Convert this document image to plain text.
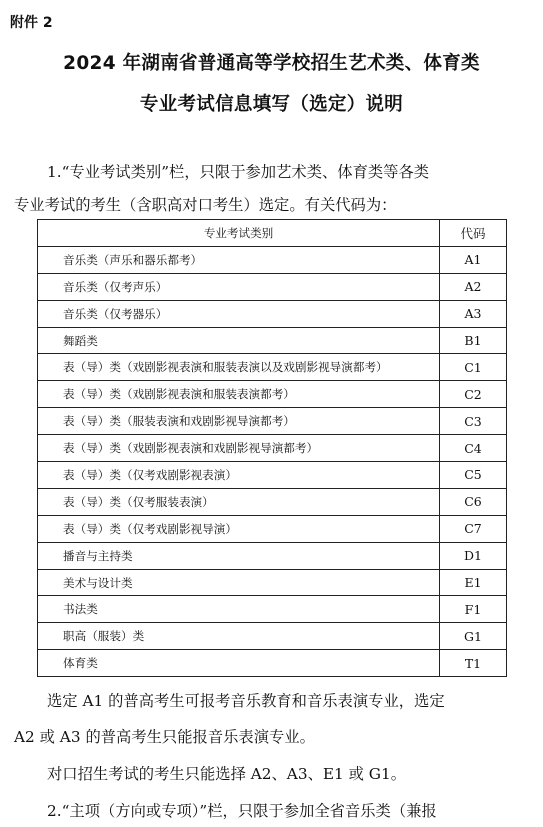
附件 2
2024 年湖南省普通高等学校招生艺术类、体育类
专业考试信息填写（选定）说明
1.“专业考试类别”栏，只限于参加艺术类、体育类等各类
专业考试的考生（含职高对口考生）选定。有关代码为：
专业考试类别	代码
音乐类（声乐和器乐都考）	A1
音乐类（仅考声乐）	A2
音乐类（仅考器乐）	A3
舞蹈类	B1
表（导）类（戏剧影视表演和服装表演以及戏剧影视导演都考）	C1
表（导）类（戏剧影视表演和服装表演都考）	C2
表（导）类（服装表演和戏剧影视导演都考）	C3
表（导）类（戏剧影视表演和戏剧影视导演都考）	C4
表（导）类（仅考戏剧影视表演）	C5
表（导）类（仅考服装表演）	C6
表（导）类（仅考戏剧影视导演）	C7
播音与主持类	D1
美术与设计类	E1
书法类	F1
职高（服装）类	G1
体育类	T1
选定 A1 的普高考生可报考音乐教育和音乐表演专业，选定
A2 或 A3 的普高考生只能报音乐表演专业。
对口招生考试的考生只能选择 A2、A3、E1 或 G1。
2.“主项（方向或专项）”栏，只限于参加全省音乐类（兼报
